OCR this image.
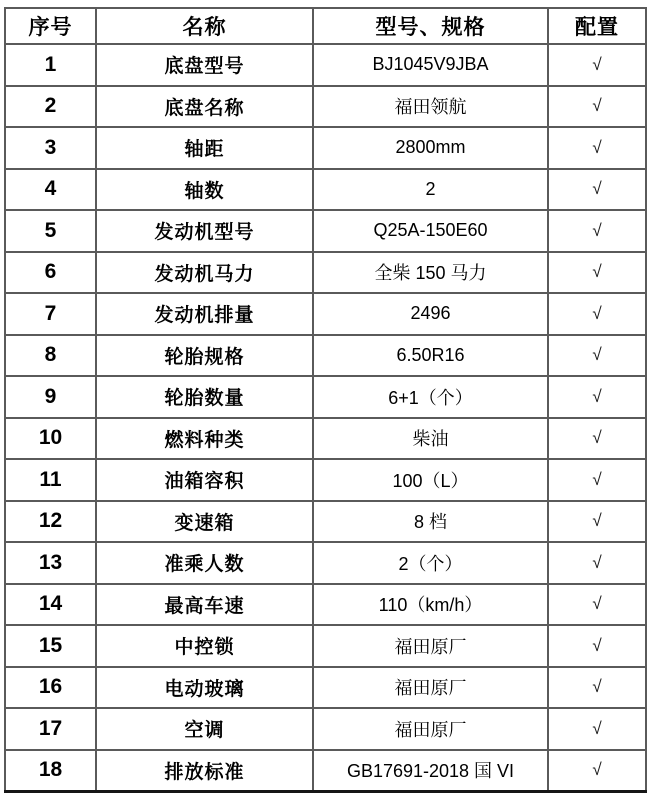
序号	名称	型号、规格	配置
1	底盘型号	BJ1045V9JBA	√
2	底盘名称	福田领航	√
3	轴距	2800mm	√
4	轴数	2	√
5	发动机型号	Q25A-150E60	√
6	发动机马力	全柴 150 马力	√
7	发动机排量	2496	√
8	轮胎规格	6.50R16	√
9	轮胎数量	6+1（个）	√
10	燃料种类	柴油	√
11	油箱容积	100（L）	√
12	变速箱	8 档	√
13	准乘人数	2（个）	√
14	最高车速	110（km/h）	√
15	中控锁	福田原厂	√
16	电动玻璃	福田原厂	√
17	空调	福田原厂	√
18	排放标准	GB17691-2018 国 VI	√
